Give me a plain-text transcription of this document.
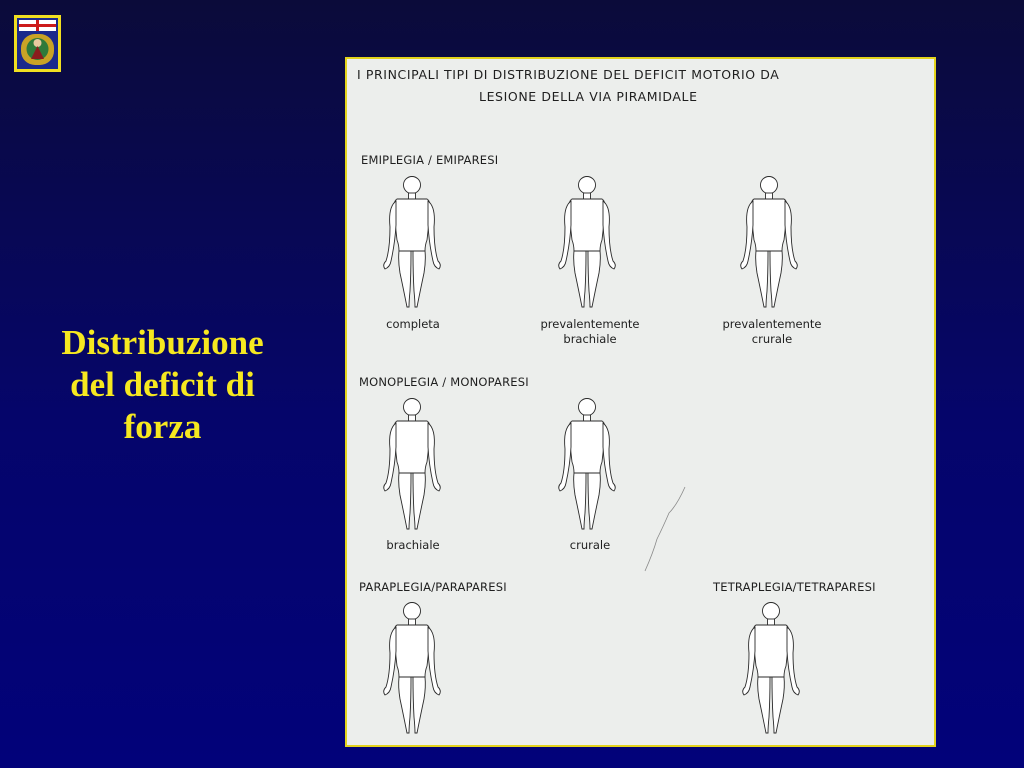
Distribuzione
del deficit di
forza
I PRINCIPALI TIPI DI DISTRIBUZIONE DEL DEFICIT MOTORIO DA
LESIONE DELLA VIA PIRAMIDALE
EMIPLEGIA / EMIPARESI
completa	prevalentemente
brachiale
prevalentemente
crurale
MONOPLEGIA / MONOPARESI
brachiale	crurale
PARAPLEGIA/PARAPARESI	TETRAPLEGIA/TETRAPARESI
